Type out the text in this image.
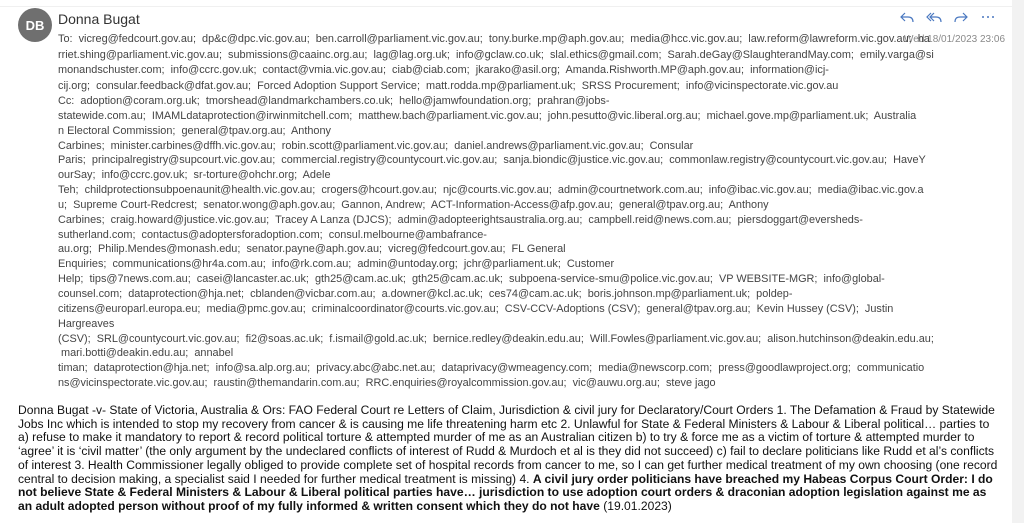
DB Donna Bugat
Wed 18/01/2023 23:06
To:  vicreg@fedcourt.gov.au;  dp&c@dpc.vic.gov.au;  ben.carroll@parliament.vic.gov.au;  tony.burke.mp@aph.gov.au;  media@hcc.vic.gov.au;  law.reform@lawreform.vic.gov.au;  ha
rriet.shing@parliament.vic.gov.au;  submissions@caainc.org.au;  lag@lag.org.uk;  info@gclaw.co.uk;  slal.ethics@gmail.com;  Sarah.deGay@SlaughterandMay.com;  emily.varga@si
monandschuster.com;  info@ccrc.gov.uk;  contact@vmia.vic.gov.au;  ciab@ciab.com;  jkarako@asil.org;  Amanda.Rishworth.MP@aph.gov.au;  information@icj-
cij.org;  consular.feedback@dfat.gov.au;  Forced Adoption Support Service;  matt.rodda.mp@parliament.uk;  SRSS Procurement;  info@vicinspectorate.vic.gov.au
Cc:  adoption@coram.org.uk;  tmorshead@landmarkchambers.co.uk;  hello@jamwfoundation.org;  prahran@jobs-
statewide.com.au;  IMAMLdataprotection@irwinmitchell.com;  matthew.bach@parliament.vic.gov.au;  john.pesutto@vic.liberal.org.au;  michael.gove.mp@parliament.uk;  Australia
n Electoral Commission;  general@tpav.org.au;  Anthony
Carbines;  minister.carbines@dffh.vic.gov.au;  robin.scott@parliament.vic.gov.au;  daniel.andrews@parliament.vic.gov.au;  Consular
Paris;  principalregistry@supcourt.vic.gov.au;  commercial.registry@countycourt.vic.gov.au;  sanja.biondic@justice.vic.gov.au;  commonlaw.registry@countycourt.vic.gov.au;  HaveY
ourSay;  info@ccrc.gov.uk;  sr-torture@ohchr.org;  Adele
Teh;  childprotectionsubpoenaunit@health.vic.gov.au;  crogers@hcourt.gov.au;  njc@courts.vic.gov.au;  admin@courtnetwork.com.au;  info@ibac.vic.gov.au;  media@ibac.vic.gov.a
u;  Supreme Court-Redcrest;  senator.wong@aph.gov.au;  Gannon, Andrew;  ACT-Information-Access@afp.gov.au;  general@tpav.org.au;  Anthony
Carbines;  craig.howard@justice.vic.gov.au;  Tracey A Lanza (DJCS);  admin@adopteerightsaustralia.org.au;  campbell.reid@news.com.au;  piersdoggart@eversheds-
sutherland.com;  contactus@adoptersforadoption.com;  consul.melbourne@ambafrance-
au.org;  Philip.Mendes@monash.edu;  senator.payne@aph.gov.au;  vicreg@fedcourt.gov.au;  FL General
Enquiries;  communications@hr4a.com.au;  info@rk.com.au;  admin@untoday.org;  jchr@parliament.uk;  Customer
Help;  tips@7news.com.au;  casei@lancaster.ac.uk;  gth25@cam.ac.uk;  gth25@cam.ac.uk;  subpoena-service-smu@police.vic.gov.au;  VP WEBSITE-MGR;  info@global-
counsel.com;  dataprotection@hja.net;  cblanden@vicbar.com.au;  a.downer@kcl.ac.uk;  ces74@cam.ac.uk;  boris.johnson.mp@parliament.uk;  poldep-
citizens@europarl.europa.eu;  media@pmc.gov.au;  criminalcoordinator@courts.vic.gov.au;  CSV-CCV-Adoptions (CSV);  general@tpav.org.au;  Kevin Hussey (CSV);  Justin
Hargreaves
(CSV);  SRL@countycourt.vic.gov.au;  fi2@soas.ac.uk;  f.ismail@gold.ac.uk;  bernice.redley@deakin.edu.au;  Will.Fowles@parliament.vic.gov.au;  alison.hutchinson@deakin.edu.au;
mari.botti@deakin.edu.au;  annabel
timan;  dataprotection@hja.net;  info@sa.alp.org.au;  privacy.abc@abc.net.au;  dataprivacy@wmeagency.com;  media@newscorp.com;  press@goodlawproject.org;  communicatio
ns@vicinspectorate.vic.gov.au;  raustin@themandarin.com.au;  RRC.enquiries@royalcommission.gov.au;  vic@auwu.org.au;  steve jago
Donna Bugat -v- State of Victoria, Australia & Ors: FAO Federal Court re Letters of Claim, Jurisdiction & civil jury for Declaratory/Court Orders 1. The Defamation & Fraud by Statewide
Jobs Inc which is intended to stop my recovery from cancer & is causing me life threatening harm etc 2. Unlawful for State & Federal Ministers & Labour & Liberal political… parties to
a) refuse to make it mandatory to report & record political torture & attempted murder of me as an Australian citizen b) to try & force me as a victim of torture & attempted murder to
‘agree’ it is ‘civil matter’ (the only argument by the undeclared conflicts of interest of Rudd & Murdoch et al is they did not succeed) c) fail to declare politicians like Rudd et al’s conflicts
of interest 3. Health Commissioner legally obliged to provide complete set of hospital records from cancer to me, so I can get further medical treatment of my own choosing (one record
central to decision making, a specialist said I needed for further medical treatment is missing) 4. A civil jury order politicians have breached my Habeas Corpus Court Order: I do
not believe State & Federal Ministers & Labour & Liberal political parties have… jurisdiction to use adoption court orders & draconian adoption legislation against me as
an adult adopted person without proof of my fully informed & written consent which they do not have (19.01.2023)
